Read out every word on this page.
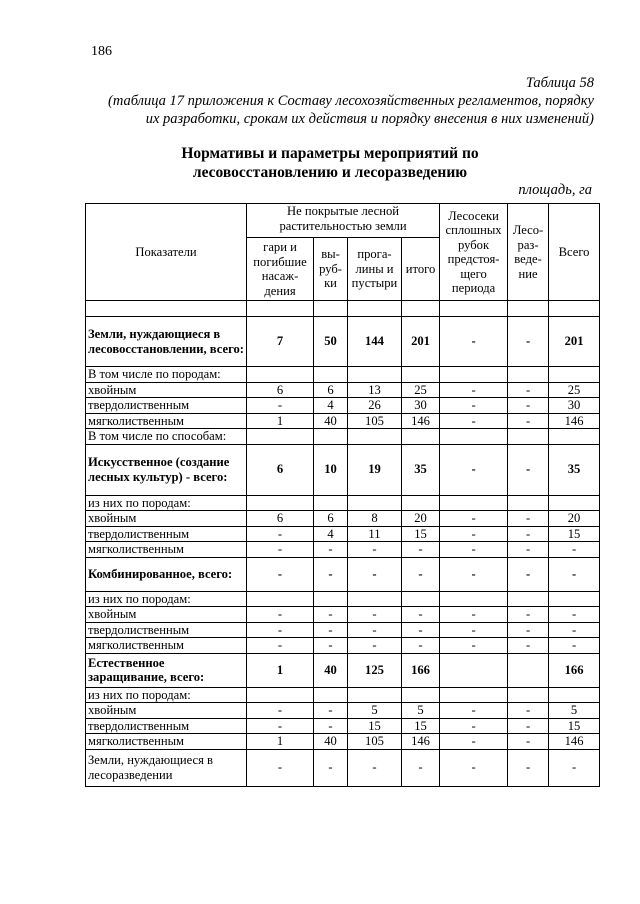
186
Таблица 58
(таблица 17 приложения к Составу лесохозяйственных регламентов, порядку
их разработки, срокам их действия и порядку внесения в них изменений)
Нормативы и параметры мероприятий по
лесовосстановлению и лесоразведению
площадь, га
Показатели	Не покрытые лесной растительностью земли				Лесосеки сплошных рубок предстоя-щего периода	Лесо-раз-веде-ние	Всего
	гари и погибшие насаж-дения	вы-руб-ки	прога-лины и пустыри	итого			

Земли, нуждающиеся в лесовосстановлении, всего:	7	50	144	201	-	-	201
В том числе по породам:							
хвойным	6	6	13	25	-	-	25
твердолиственным	-	4	26	30	-	-	30
мягколиственным	1	40	105	146	-	-	146
В том числе по способам:							
Искусственное (создание лесных культур) - всего:	6	10	19	35	-	-	35
из них по породам:							
хвойным	6	6	8	20	-	-	20
твердолиственным	-	4	11	15	-	-	15
мягколиственным	-	-	-	-	-	-	-
Комбинированное, всего:	-	-	-	-	-	-	-
из них по породам:							
хвойным	-	-	-	-	-	-	-
твердолиственным	-	-	-	-	-	-	-
мягколиственным	-	-	-	-	-	-	-
Естественное заращивание, всего:	1	40	125	166			166
из них по породам:							
хвойным	-	-	5	5	-	-	5
твердолиственным	-	-	15	15	-	-	15
мягколиственным	1	40	105	146	-	-	146
Земли, нуждающиеся в лесоразведении	-	-	-	-	-	-	-
